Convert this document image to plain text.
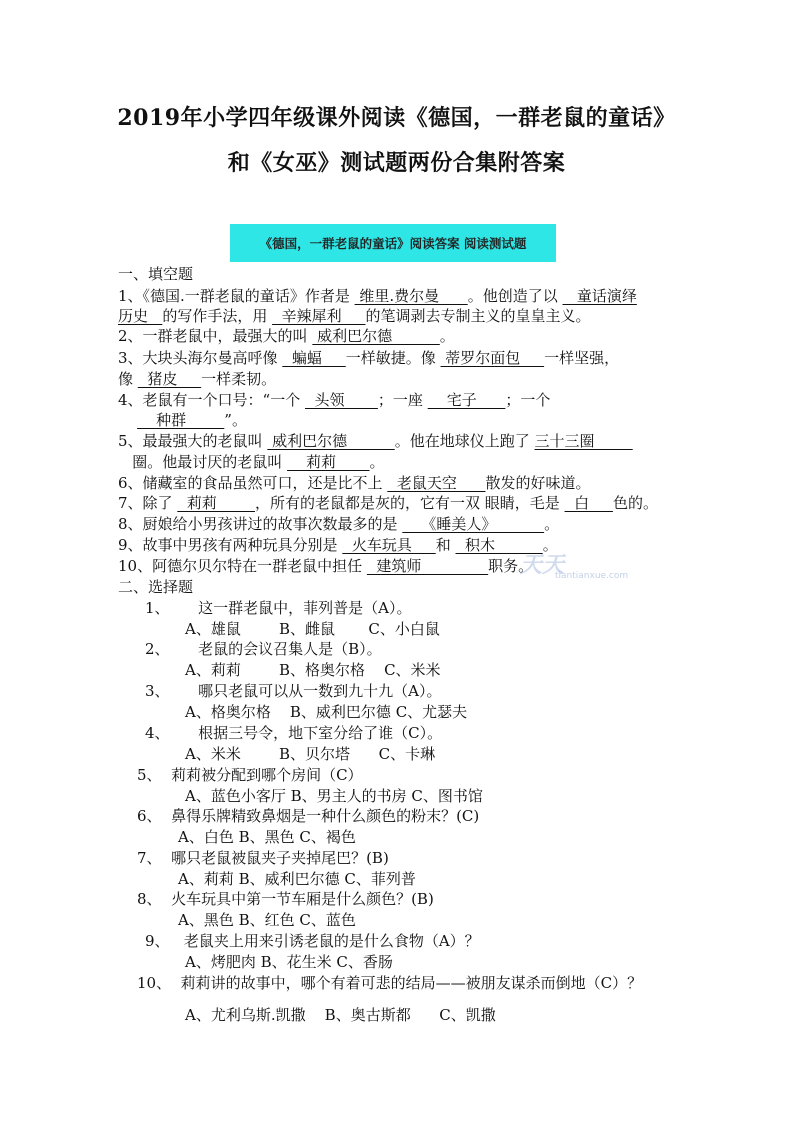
2019年小学四年级课外阅读《德国，一群老鼠的童话》
和《女巫》测试题两份合集附答案
《德国，一群老鼠的童话》阅读答案 阅读测试题
天天
tiantianxue.com
一、填空题
1、《德国.一群老鼠的童话》作者是  维里.费尔曼      。他创造了以    童话演绎
历史   的写作手法，用   辛辣犀利     的笔调剥去专制主义的皇皇主义。
2、一群老鼠中，最强大的叫  威利巴尔德          。
3、大块头海尔曼高呼像   蝙蝠     一样敏捷。像  蒂罗尔面包     一样坚强，
像   猪皮     一样柔韧。
4、老鼠有一个口号：“一个   头领       ；一座     宅子      ；一个
种群        ”。
5、最最强大的老鼠叫  威利巴尔德          。他在地球仪上跑了 三十三圈
圈。他最讨厌的老鼠叫     莉莉       。
6、储藏室的食品虽然可口，还是比不上   老鼠天空      散发的好味道。
7、除了   莉莉        ，所有的老鼠都是灰的，它有一双 眼睛，毛是   白     色的。
8、厨娘给小男孩讲过的故事次数最多的是     《睡美人》          。
9、故事中男孩有两种玩具分别是   火车玩具     和   积木          。
10、阿德尔贝尔特在一群老鼠中担任   建筑师              职务。
二、选择题
1、      这一群老鼠中，菲列普是（A）。
A、雄鼠        B、雌鼠       C、小白鼠
2、      老鼠的会议召集人是（B）。
A、莉莉        B、格奥尔格    C、米米
3、      哪只老鼠可以从一数到九十九（A）。
A、格奥尔格    B、威利巴尔德 C、尤瑟夫
4、      根据三号令，地下室分给了谁（C）。
A、米米        B、贝尔塔      C、卡琳
5、  莉莉被分配到哪个房间（C）
A、蓝色小客厅 B、男主人的书房 C、图书馆
6、  鼻得乐牌精致鼻烟是一种什么颜色的粉末？(C)
A、白色 B、黑色 C、褐色
7、  哪只老鼠被鼠夹子夹掉尾巴？(B)
A、莉莉 B、威利巴尔德 C、菲列普
8、  火车玩具中第一节车厢是什么颜色？(B)
A、黑色 B、红色 C、蓝色
9、   老鼠夹上用来引诱老鼠的是什么食物（A）？
A、烤肥肉 B、花生米 C、香肠
10、  莉莉讲的故事中，哪个有着可悲的结局——被朋友谋杀而倒地（C）？
A、尤利乌斯.凯撒    B、奥古斯都      C、凯撒
